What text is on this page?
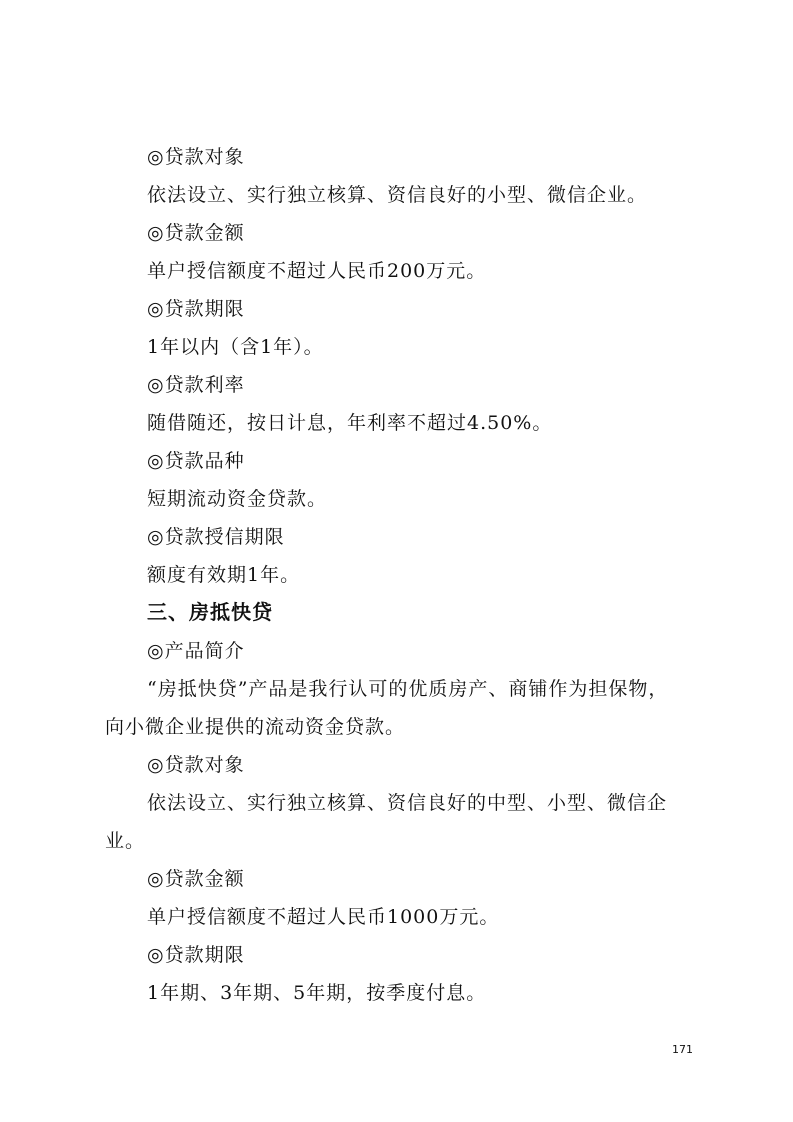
◎贷款对象
依法设立、实行独立核算、资信良好的小型、微信企业。
◎贷款金额
单户授信额度不超过人民币200万元。
◎贷款期限
1年以内（含1年）。
◎贷款利率
随借随还，按日计息，年利率不超过4.50%。
◎贷款品种
短期流动资金贷款。
◎贷款授信期限
额度有效期1年。
三、房抵快贷
◎产品简介
“房抵快贷”产品是我行认可的优质房产、商铺作为担保物，
向小微企业提供的流动资金贷款。
◎贷款对象
依法设立、实行独立核算、资信良好的中型、小型、微信企
业。
◎贷款金额
单户授信额度不超过人民币1000万元。
◎贷款期限
1年期、3年期、5年期，按季度付息。
171
